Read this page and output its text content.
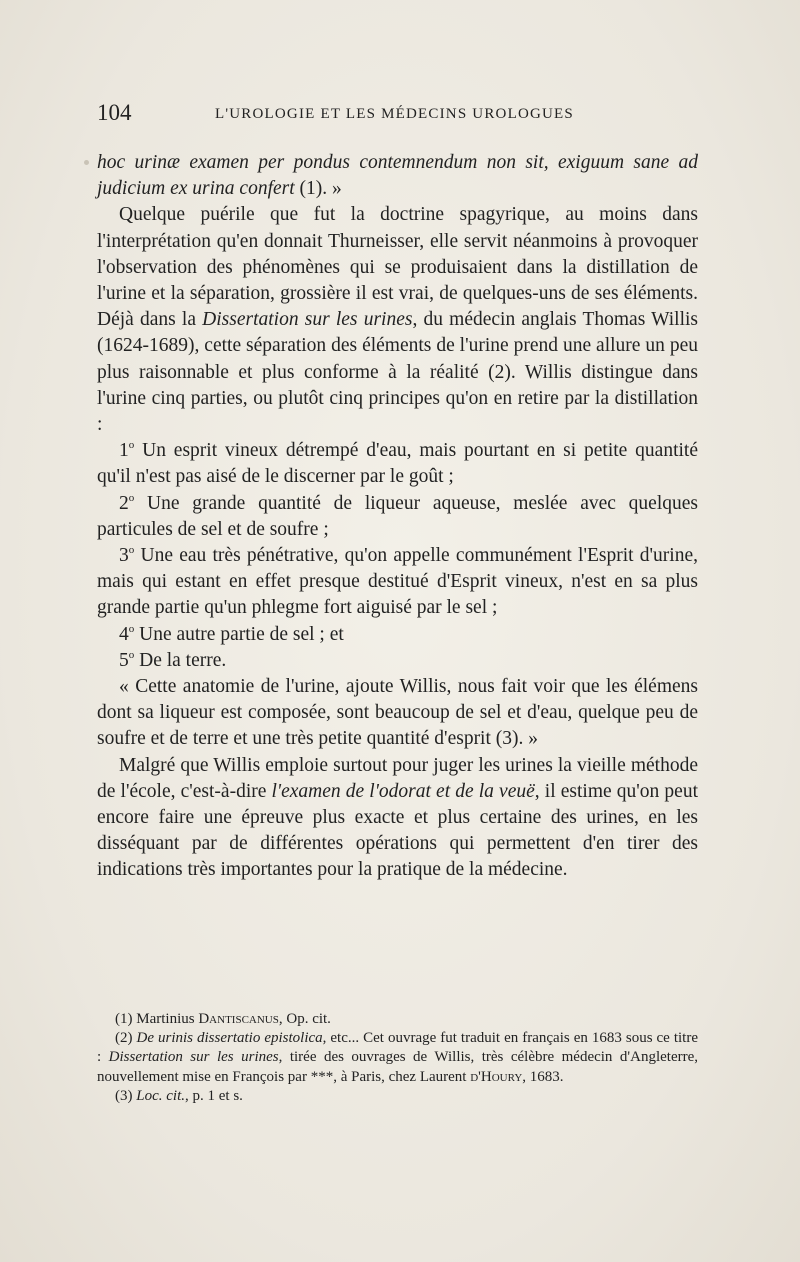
104	L'UROLOGIE ET LES MÉDECINS UROLOGUES

hoc urinæ examen per pondus contemnendum non sit, exiguum sane ad judicium ex urina confert (1). »

Quelque puérile que fut la doctrine spagyrique, au moins dans l'interprétation qu'en donnait Thurneisser, elle servit néanmoins à provoquer l'observation des phénomènes qui se produisaient dans la distillation de l'urine et la séparation, grossière il est vrai, de quelques-uns de ses éléments. Déjà dans la Dissertation sur les urines, du médecin anglais Thomas Willis (1624-1689), cette séparation des éléments de l'urine prend une allure un peu plus raisonnable et plus conforme à la réalité (2). Willis distingue dans l'urine cinq parties, ou plutôt cinq principes qu'on en retire par la distillation :

1$^o$ Un esprit vineux détrempé d'eau, mais pourtant en si petite quantité qu'il n'est pas aisé de le discerner par le goût ;

2$^o$ Une grande quantité de liqueur aqueuse, meslée avec quelques particules de sel et de soufre ;

3$^o$ Une eau très pénétrative, qu'on appelle communément l'Esprit d'urine, mais qui estant en effet presque destitué d'Esprit vineux, n'est en sa plus grande partie qu'un phlegme fort aiguisé par le sel ;

4$^o$ Une autre partie de sel ; et

5$^o$ De la terre.

« Cette anatomie de l'urine, ajoute Willis, nous fait voir que les élémens dont sa liqueur est composée, sont beaucoup de sel et d'eau, quelque peu de soufre et de terre et une très petite quantité d'esprit (3). »

Malgré que Willis emploie surtout pour juger les urines la vieille méthode de l'école, c'est-à-dire l'examen de l'odorat et de la veuë, il estime qu'on peut encore faire une épreuve plus exacte et plus certaine des urines, en les disséquant par de différentes opérations qui permettent d'en tirer des indications très importantes pour la pratique de la médecine.

(1) Martinius Dantiscanus, Op. cit.

(2) De urinis dissertatio epistolica, etc... Cet ouvrage fut traduit en français en 1683 sous ce titre : Dissertation sur les urines, tirée des ouvrages de Willis, très célèbre médecin d'Angleterre, nouvellement mise en François par ***, à Paris, chez Laurent d'Houry, 1683.

(3) Loc. cit., p. 1 et s.
